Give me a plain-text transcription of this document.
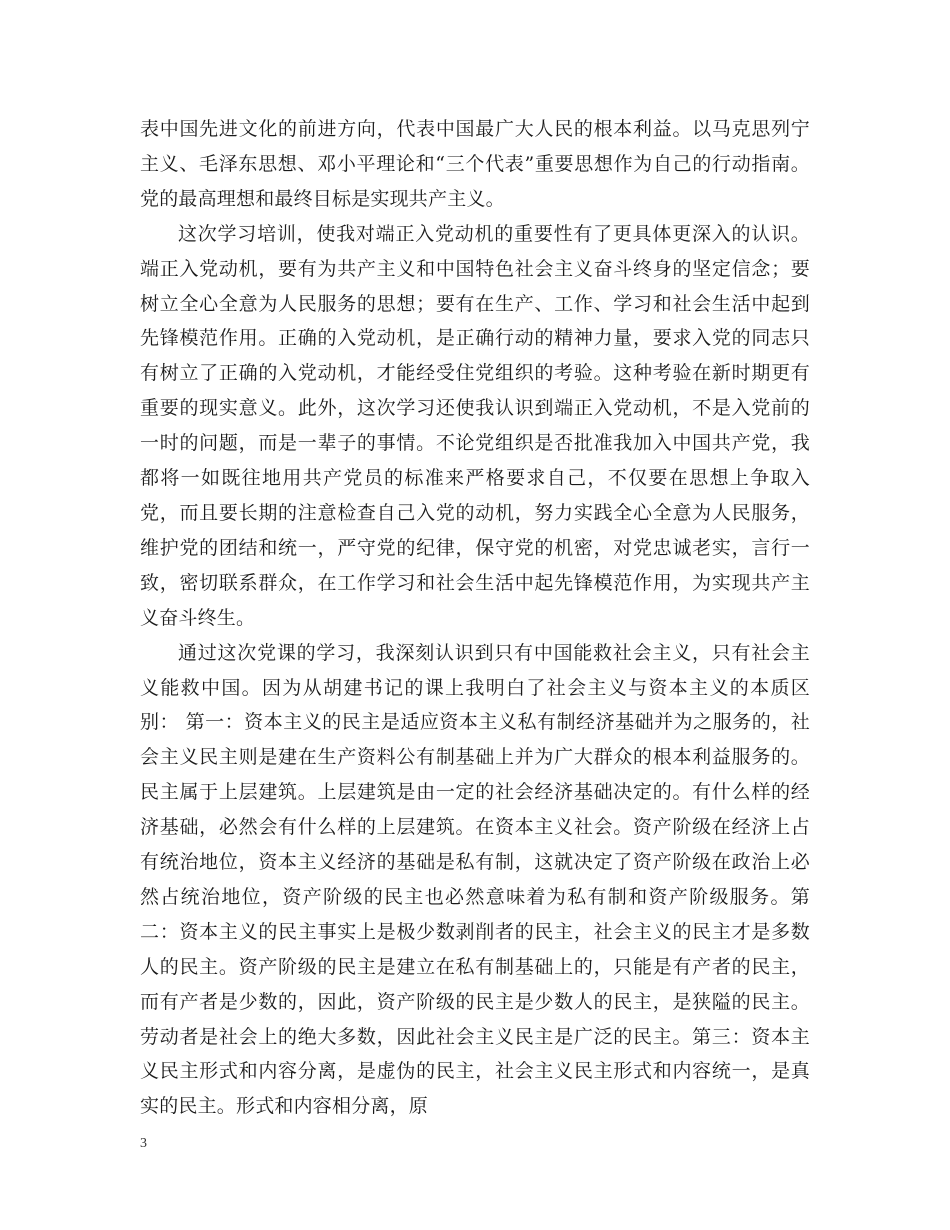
表中国先进文化的前进方向，代表中国最广大人民的根本利益。以马克思列宁主义、毛泽东思想、邓小平理论和“三个代表”重要思想作为自己的行动指南。党的最高理想和最终目标是实现共产主义。

这次学习培训，使我对端正入党动机的重要性有了更具体更深入的认识。端正入党动机，要有为共产主义和中国特色社会主义奋斗终身的坚定信念；要树立全心全意为人民服务的思想；要有在生产、工作、学习和社会生活中起到先锋模范作用。正确的入党动机，是正确行动的精神力量，要求入党的同志只有树立了正确的入党动机，才能经受住党组织的考验。这种考验在新时期更有重要的现实意义。此外，这次学习还使我认识到端正入党动机，不是入党前的一时的问题，而是一辈子的事情。不论党组织是否批准我加入中国共产党，我都将一如既往地用共产党员的标准来严格要求自己，不仅要在思想上争取入党，而且要长期的注意检查自己入党的动机，努力实践全心全意为人民服务，维护党的团结和统一，严守党的纪律，保守党的机密，对党忠诚老实，言行一致，密切联系群众，在工作学习和社会生活中起先锋模范作用，为实现共产主义奋斗终生。

通过这次党课的学习，我深刻认识到只有中国能救社会主义，只有社会主义能救中国。因为从胡建书记的课上我明白了社会主义与资本主义的本质区别： 第一：资本主义的民主是适应资本主义私有制经济基础并为之服务的，社会主义民主则是建在生产资料公有制基础上并为广大群众的根本利益服务的。民主属于上层建筑。上层建筑是由一定的社会经济基础决定的。有什么样的经济基础，必然会有什么样的上层建筑。在资本主义社会。资产阶级在经济上占有统治地位，资本主义经济的基础是私有制，这就决定了资产阶级在政治上必然占统治地位，资产阶级的民主也必然意味着为私有制和资产阶级服务。第二：资本主义的民主事实上是极少数剥削者的民主，社会主义的民主才是多数人的民主。资产阶级的民主是建立在私有制基础上的，只能是有产者的民主，而有产者是少数的，因此，资产阶级的民主是少数人的民主，是狭隘的民主。劳动者是社会上的绝大多数，因此社会主义民主是广泛的民主。第三：资本主义民主形式和内容分离，是虚伪的民主，社会主义民主形式和内容统一，是真实的民主。形式和内容相分离，原

3
